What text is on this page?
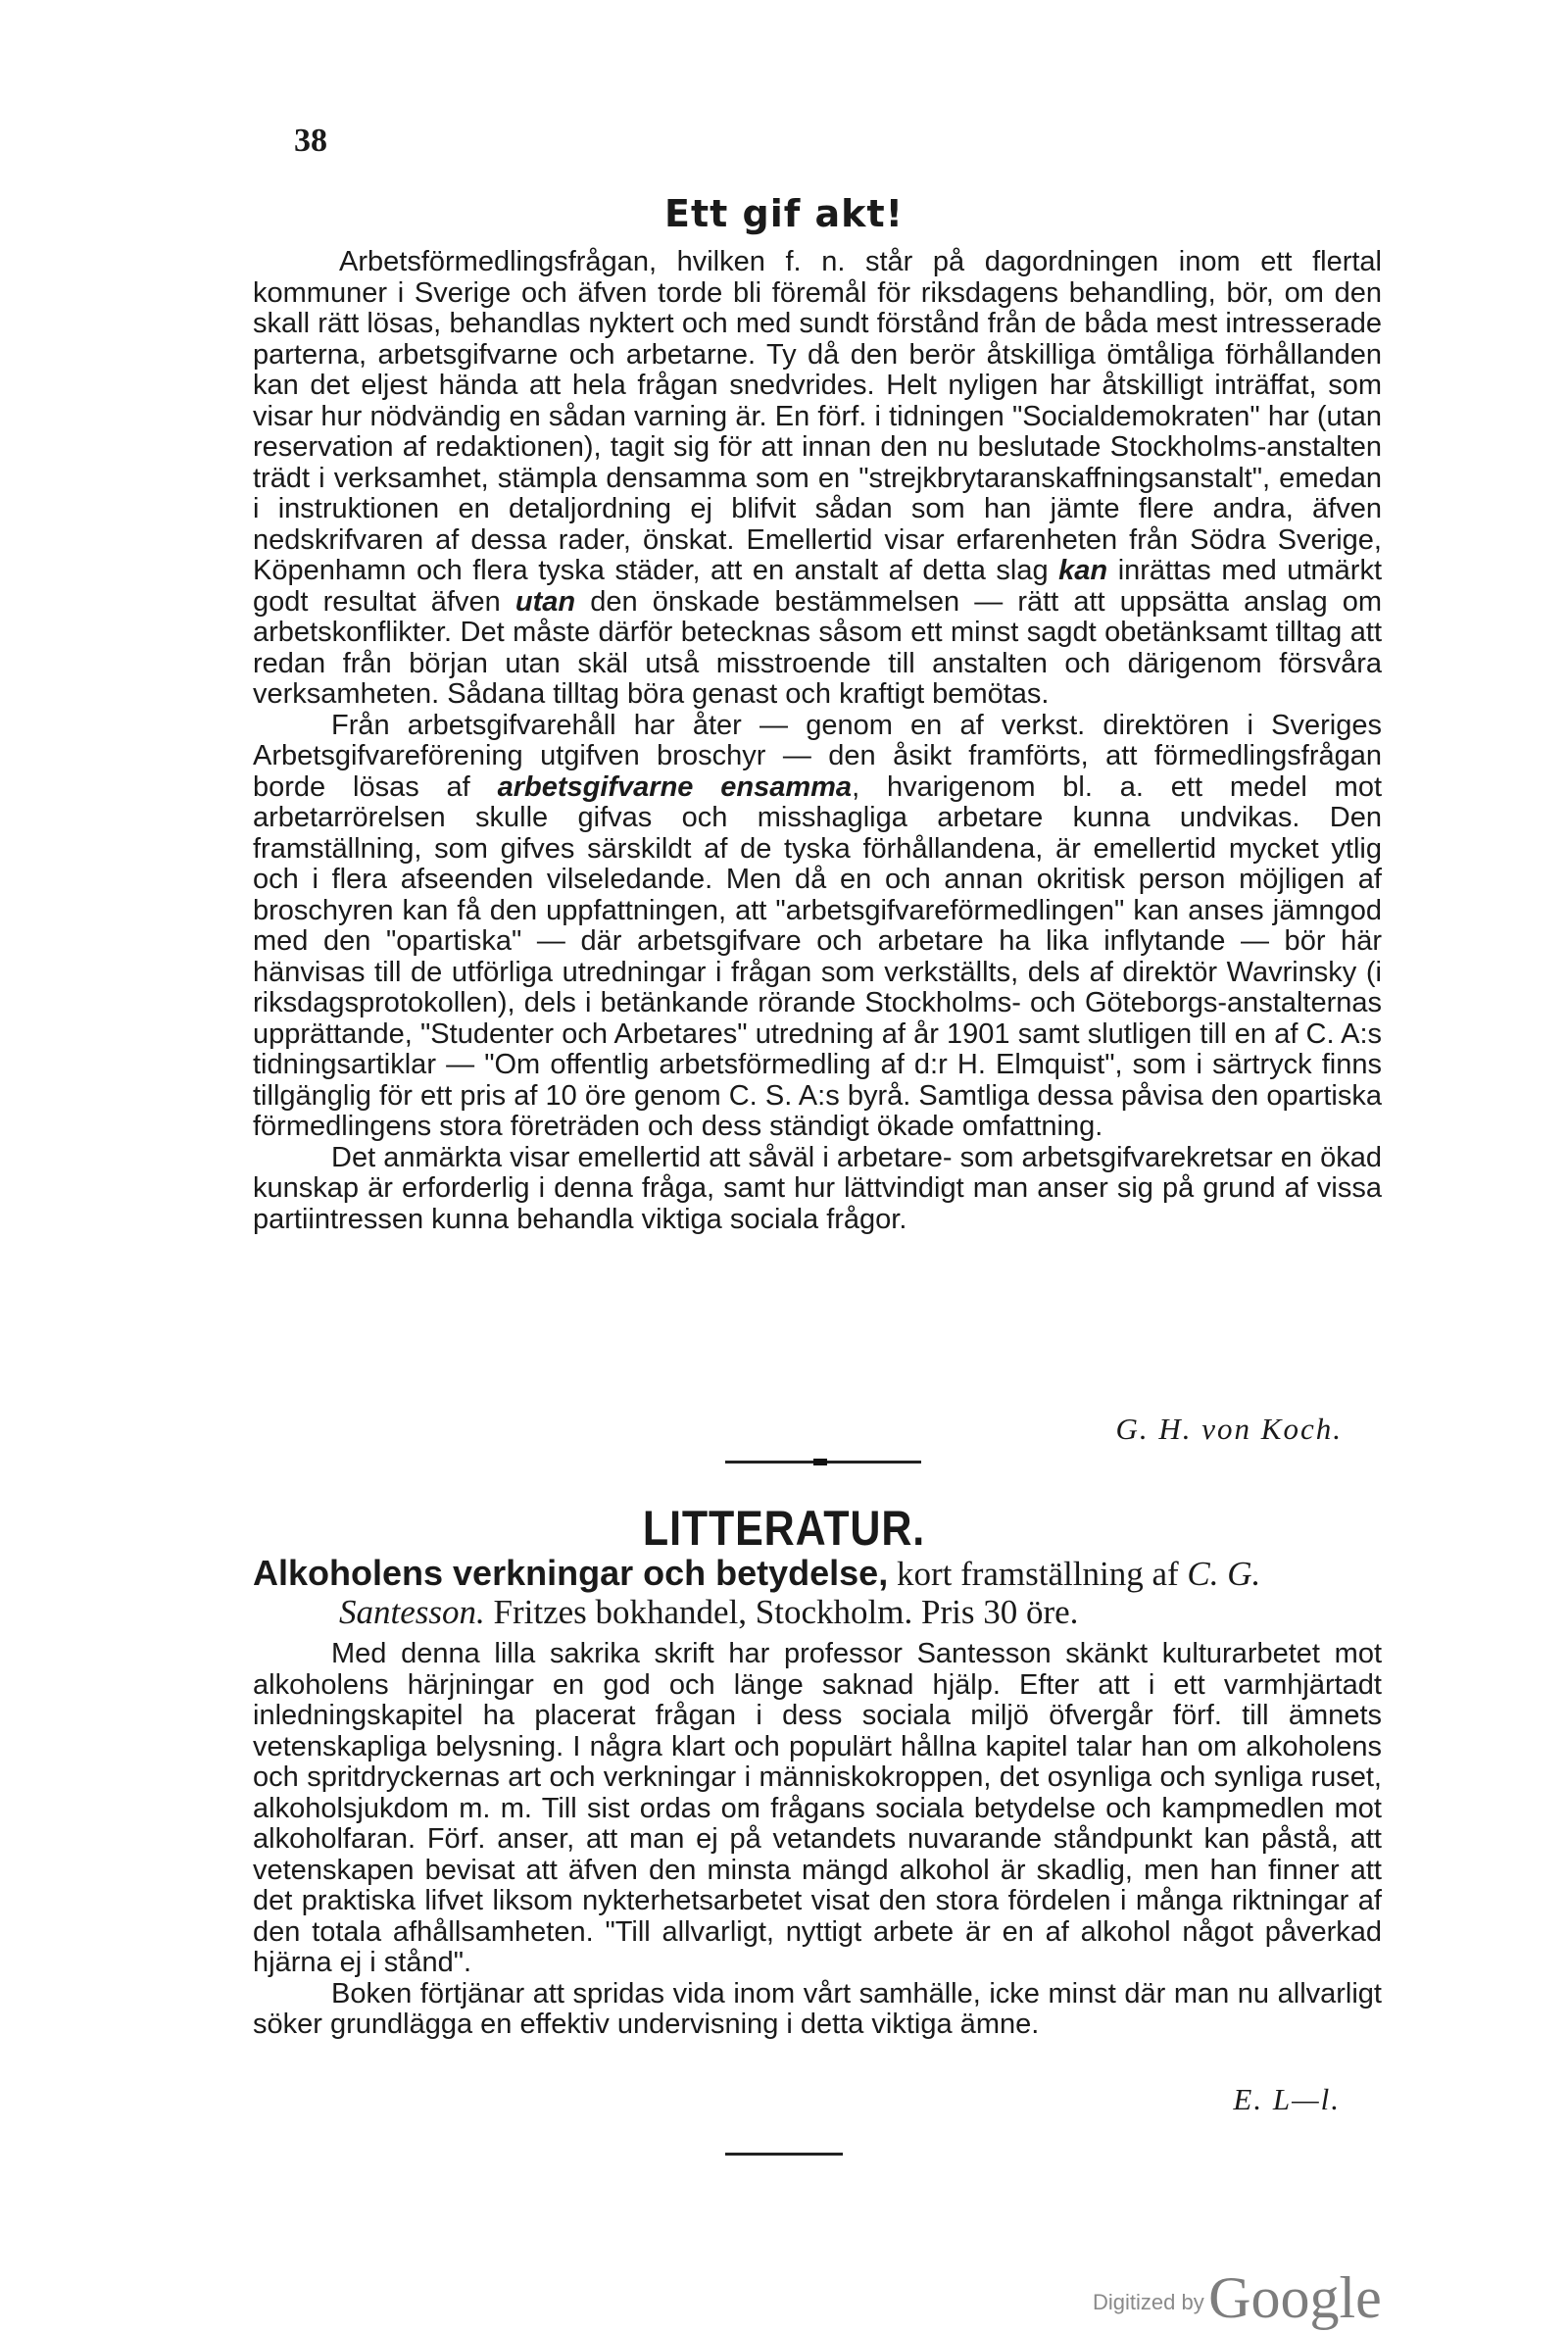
38
Ett gif akt!

Arbetsförmedlingsfrågan, hvilken f. n. står på dagordningen inom ett flertal kommuner i Sverige och äfven torde bli föremål för riksdagens behandling, bör, om den skall rätt lösas, behandlas nyktert och med sundt förstånd från de båda mest intresserade parterna, arbetsgifvarne och arbetarne. Ty då den berör åtskilliga ömtåliga förhållanden kan det eljest hända att hela frågan snedvrides. Helt nyligen har åtskilligt inträffat, som visar hur nödvändig en sådan varning är. En förf. i tidningen "Socialdemokraten" har (utan reservation af redaktionen), tagit sig för att innan den nu beslutade Stockholms-anstalten trädt i verksamhet, stämpla densamma som en "strejkbrytaranskaffningsanstalt", emedan i instruktionen en detaljordning ej blifvit sådan som han jämte flere andra, äfven nedskrifvaren af dessa rader, önskat. Emellertid visar erfarenheten från Södra Sverige, Köpenhamn och flera tyska städer, att en anstalt af detta slag kan inrättas med utmärkt godt resultat äfven utan den önskade bestämmelsen — rätt att uppsätta anslag om arbetskonflikter. Det måste därför betecknas såsom ett minst sagdt obetänksamt tilltag att redan från början utan skäl utså misstroende till anstalten och därigenom försvåra verksamheten. Sådana tilltag böra genast och kraftigt bemötas.

Från arbetsgifvarehåll har åter — genom en af verkst. direktören i Sveriges Arbetsgifvareförening utgifven broschyr — den åsikt framförts, att förmedlingsfrågan borde lösas af arbetsgifvarne ensamma, hvarigenom bl. a. ett medel mot arbetarrörelsen skulle gifvas och misshagliga arbetare kunna undvikas. Den framställning, som gifves särskildt af de tyska förhållandena, är emellertid mycket ytlig och i flera afseenden vilseledande. Men då en och annan okritisk person möjligen af broschyren kan få den uppfattningen, att "arbetsgifvareförmedlingen" kan anses jämngod med den "opartiska" — där arbetsgifvare och arbetare ha lika inflytande — bör här hänvisas till de utförliga utredningar i frågan som verkställts, dels af direktör Wavrinsky (i riksdagsprotokollen), dels i betänkande rörande Stockholms- och Göteborgs-anstalternas upprättande, "Studenter och Arbetares" utredning af år 1901 samt slutligen till en af C. A:s tidningsartiklar — "Om offentlig arbetsförmedling af d:r H. Elmquist", som i särtryck finns tillgänglig för ett pris af 10 öre genom C. S. A:s byrå. Samtliga dessa påvisa den opartiska förmedlingens stora företräden och dess ständigt ökade omfattning.

Det anmärkta visar emellertid att såväl i arbetare- som arbetsgifvarekretsar en ökad kunskap är erforderlig i denna fråga, samt hur lättvindigt man anser sig på grund af vissa partiintressen kunna behandla viktiga sociala frågor.

G. H. von Koch.
LITTERATUR.
Alkoholens verkningar och betydelse, kort framställning af C. G.
Santesson. Fritzes bokhandel, Stockholm. Pris 30 öre.

Med denna lilla sakrika skrift har professor Santesson skänkt kulturarbetet mot alkoholens härjningar en god och länge saknad hjälp. Efter att i ett varmhjärtadt inledningskapitel ha placerat frågan i dess sociala miljö öfvergår förf. till ämnets vetenskapliga belysning. I några klart och populärt hållna kapitel talar han om alkoholens och spritdryckernas art och verkningar i människokroppen, det osynliga och synliga ruset, alkoholsjukdom m. m. Till sist ordas om frågans sociala betydelse och kampmedlen mot alkoholfaran. Förf. anser, att man ej på vetandets nuvarande ståndpunkt kan påstå, att vetenskapen bevisat att äfven den minsta mängd alkohol är skadlig, men han finner att det praktiska lifvet liksom nykterhetsarbetet visat den stora fördelen i många riktningar af den totala afhållsamheten. "Till allvarligt, nyttigt arbete är en af alkohol något påverkad hjärna ej i stånd".

Boken förtjänar att spridas vida inom vårt samhälle, icke minst där man nu allvarligt söker grundlägga en effektiv undervisning i detta viktiga ämne.

E. L—l.
Digitized by Google
